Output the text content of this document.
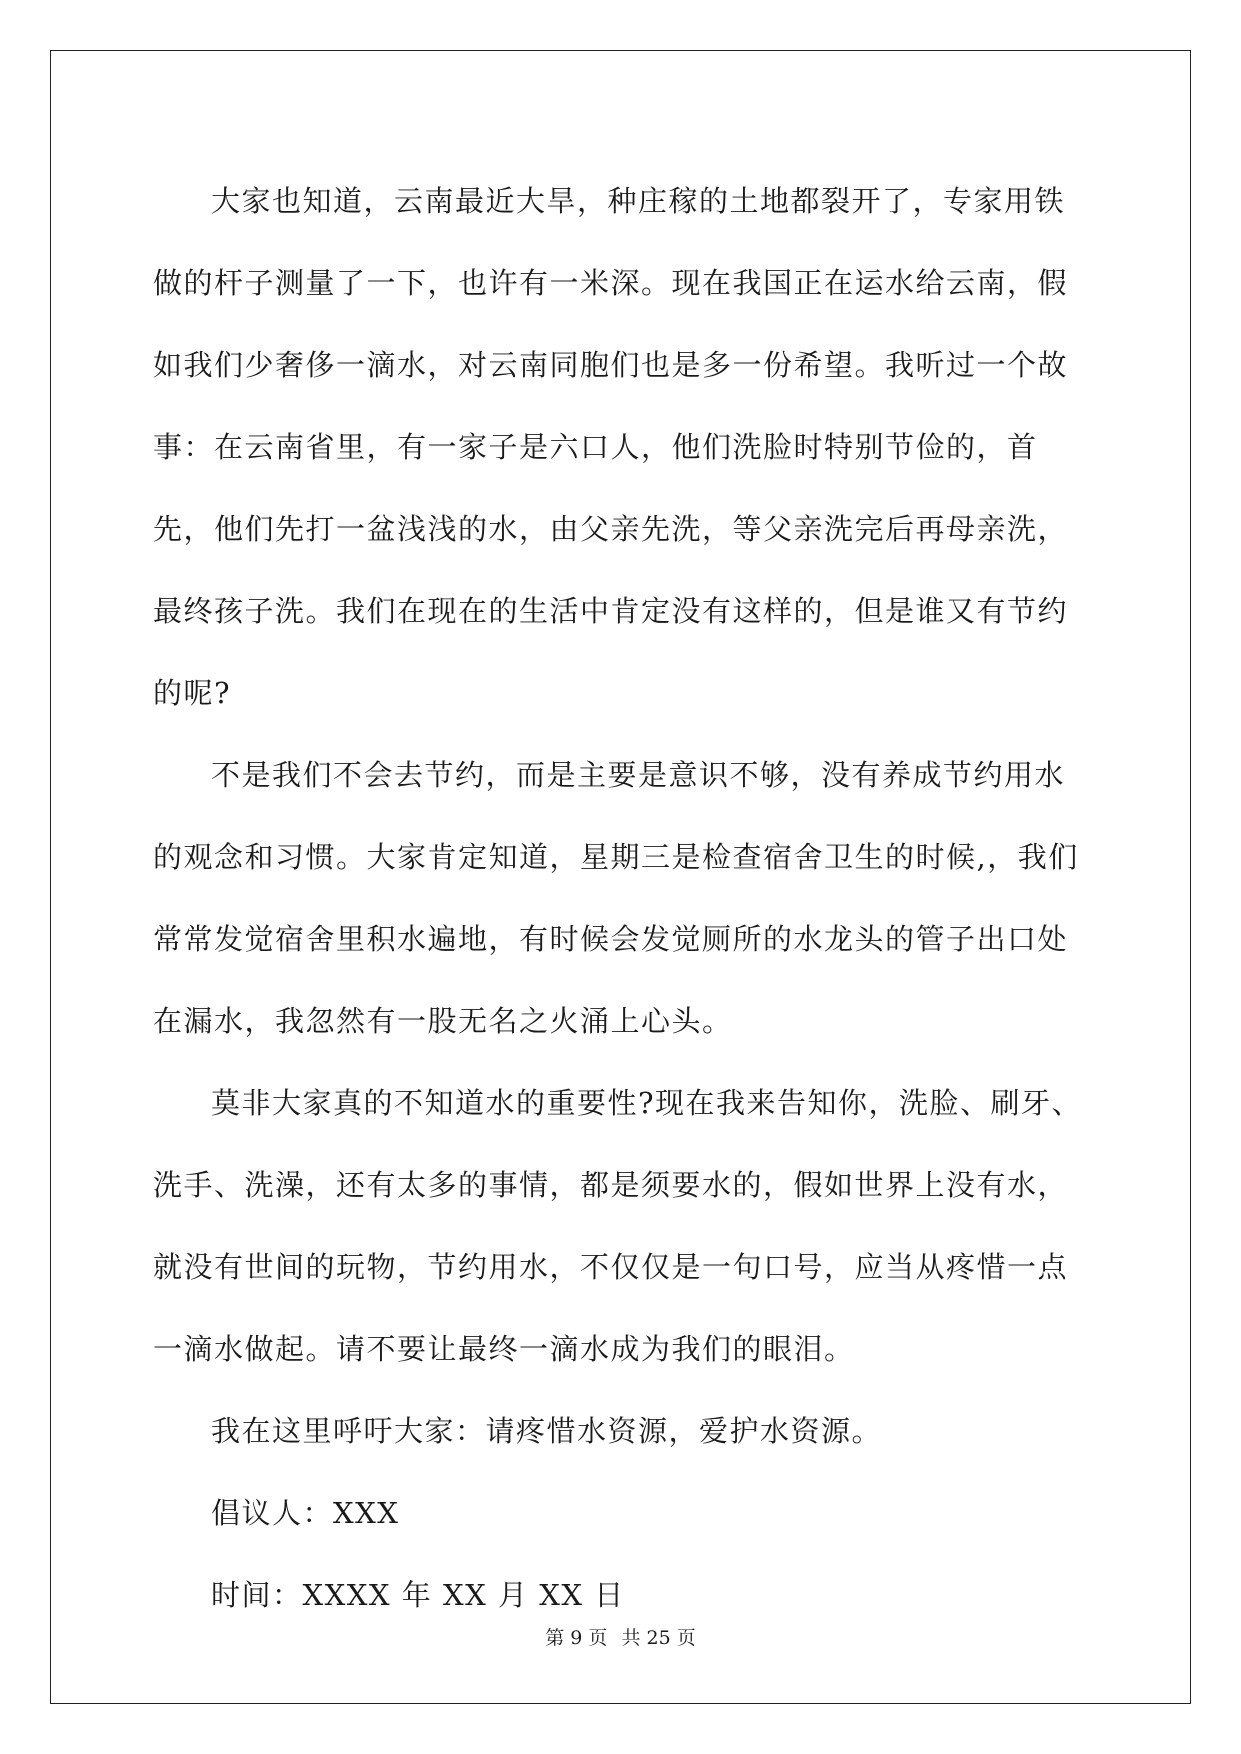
大家也知道，云南最近大旱，种庄稼的土地都裂开了，专家用铁做的杆子测量了一下，也许有一米深。现在我国正在运水给云南，假如我们少奢侈一滴水，对云南同胞们也是多一份希望。我听过一个故事：在云南省里，有一家子是六口人，他们洗脸时特别节俭的，首先，他们先打一盆浅浅的水，由父亲先洗，等父亲洗完后再母亲洗，最终孩子洗。我们在现在的生活中肯定没有这样的，但是谁又有节约的呢?

不是我们不会去节约，而是主要是意识不够，没有养成节约用水的观念和习惯。大家肯定知道，星期三是检查宿舍卫生的时候,，我们常常发觉宿舍里积水遍地，有时候会发觉厕所的水龙头的管子出口处在漏水，我忽然有一股无名之火涌上心头。

莫非大家真的不知道水的重要性?现在我来告知你，洗脸、刷牙、洗手、洗澡，还有太多的事情，都是须要水的，假如世界上没有水，就没有世间的玩物，节约用水，不仅仅是一句口号，应当从疼惜一点一滴水做起。请不要让最终一滴水成为我们的眼泪。

我在这里呼吁大家：请疼惜水资源，爱护水资源。

倡议人：XXX

时间：XXXX 年 XX 月 XX 日

第 9 页 共 25 页
